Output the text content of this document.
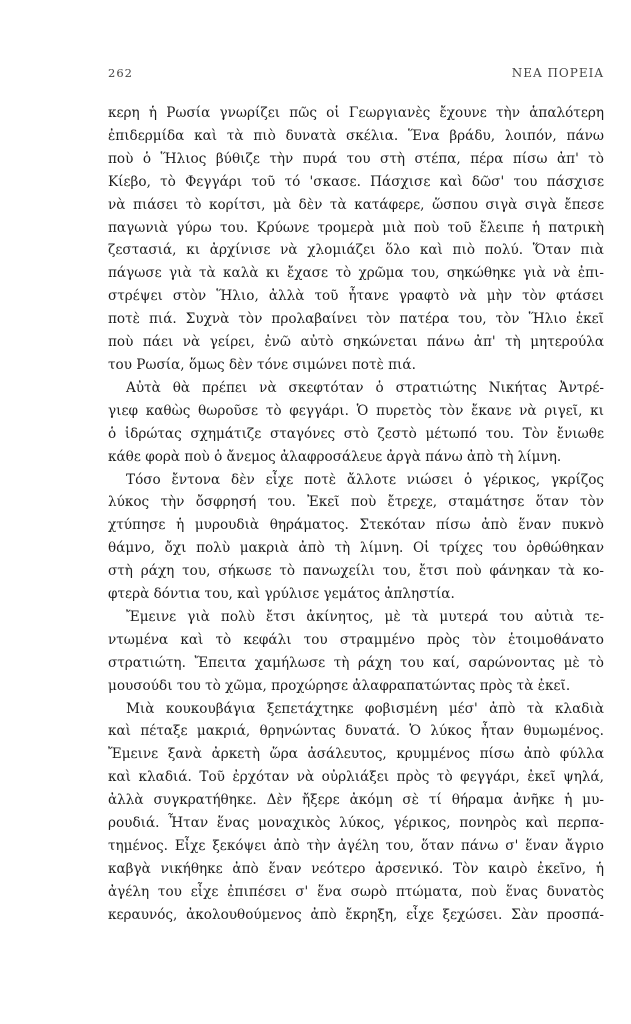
262	ΝΕΑ ΠΟΡΕΙΑ
κερη ἡ Ρωσία γνωρίζει πῶς οἱ Γεωργιανὲς ἔχουνε τὴν ἁπαλότερη
ἐπιδερμίδα καὶ τὰ πιὸ δυνατὰ σκέλια. Ἕνα βράδυ, λοιπόν, πάνω
ποὺ ὁ Ἥλιος βύθιζε τὴν πυρά του στὴ στέπα, πέρα πίσω ἀπ' τὸ
Κίεβο, τὸ Φεγγάρι τοῦ τό 'σκασε. Πάσχισε καὶ δῶσ' του πάσχισε
νὰ πιάσει τὸ κορίτσι, μὰ δὲν τὰ κατάφερε, ὥσπου σιγὰ σιγὰ ἔπεσε
παγωνιὰ γύρω του. Κρύωνε τρομερὰ μιὰ ποὺ τοῦ ἔλειπε ἡ πατρικὴ
ζεστασιά, κι ἀρχίνισε νὰ χλομιάζει ὅλο καὶ πιὸ πολύ. Ὅταν πιὰ
πάγωσε γιὰ τὰ καλὰ κι ἔχασε τὸ χρῶμα του, σηκώθηκε γιὰ νὰ ἐπι-
στρέψει στὸν Ἥλιο, ἀλλὰ τοῦ ἦτανε γραφτὸ νὰ μὴν τὸν φτάσει
ποτὲ πιά. Συχνὰ τὸν προλαβαίνει τὸν πατέρα του, τὸν Ἥλιο ἐκεῖ
ποὺ πάει νὰ γείρει, ἐνῶ αὐτὸ σηκώνεται πάνω ἀπ' τὴ μητερούλα
του Ρωσία, ὅμως δὲν τόνε σιμώνει ποτὲ πιά.
Αὐτὰ θὰ πρέπει νὰ σκεφτόταν ὁ στρατιώτης Νικήτας Ἀντρέ-
γιεφ καθὼς θωροῦσε τὸ φεγγάρι. Ὁ πυρετὸς τὸν ἔκανε νὰ ριγεῖ, κι
ὁ ἱδρώτας σχημάτιζε σταγόνες στὸ ζεστὸ μέτωπό του. Τὸν ἔνιωθε
κάθε φορὰ ποὺ ὁ ἄνεμος ἀλαφροσάλευε ἀργὰ πάνω ἀπὸ τὴ λίμνη.
Τόσο ἔντονα δὲν εἶχε ποτὲ ἄλλοτε νιώσει ὁ γέρικος, γκρίζος
λύκος τὴν ὄσφρησή του. Ἐκεῖ ποὺ ἔτρεχε, σταμάτησε ὅταν τὸν
χτύπησε ἡ μυρουδιὰ θηράματος. Στεκόταν πίσω ἀπὸ ἕναν πυκνὸ
θάμνο, ὄχι πολὺ μακριὰ ἀπὸ τὴ λίμνη. Οἱ τρίχες του ὀρθώθηκαν
στὴ ράχη του, σήκωσε τὸ πανωχείλι του, ἔτσι ποὺ φάνηκαν τὰ κο-
φτερὰ δόντια του, καὶ γρύλισε γεμάτος ἀπληστία.
Ἔμεινε γιὰ πολὺ ἔτσι ἀκίνητος, μὲ τὰ μυτερά του αὐτιὰ τε-
ντωμένα καὶ τὸ κεφάλι του στραμμένο πρὸς τὸν ἑτοιμοθάνατο
στρατιώτη. Ἔπειτα χαμήλωσε τὴ ράχη του καί, σαρώνοντας μὲ τὸ
μουσούδι του τὸ χῶμα, προχώρησε ἀλαφραπατώντας πρὸς τὰ ἐκεῖ.
Μιὰ κουκουβάγια ξεπετάχτηκε φοβισμένη μέσ' ἀπὸ τὰ κλαδιὰ
καὶ πέταξε μακριά, θρηνώντας δυνατά. Ὁ λύκος ἦταν θυμωμένος.
Ἔμεινε ξανὰ ἀρκετὴ ὥρα ἀσάλευτος, κρυμμένος πίσω ἀπὸ φύλλα
καὶ κλαδιά. Τοῦ ἐρχόταν νὰ οὐρλιάξει πρὸς τὸ φεγγάρι, ἐκεῖ ψηλά,
ἀλλὰ συγκρατήθηκε. Δὲν ἤξερε ἀκόμη σὲ τί θήραμα ἀνῆκε ἡ μυ-
ρουδιά. Ἦταν ἕνας μοναχικὸς λύκος, γέρικος, πονηρὸς καὶ περπα-
τημένος. Εἶχε ξεκόψει ἀπὸ τὴν ἀγέλη του, ὅταν πάνω σ' ἕναν ἄγριο
καβγὰ νικήθηκε ἀπὸ ἕναν νεότερο ἀρσενικό. Τὸν καιρὸ ἐκεῖνο, ἡ
ἀγέλη του εἶχε ἐπιπέσει σ' ἕνα σωρὸ πτώματα, ποὺ ἕνας δυνατὸς
κεραυνός, ἀκολουθούμενος ἀπὸ ἔκρηξη, εἶχε ξεχώσει. Σὰν προσπά-
